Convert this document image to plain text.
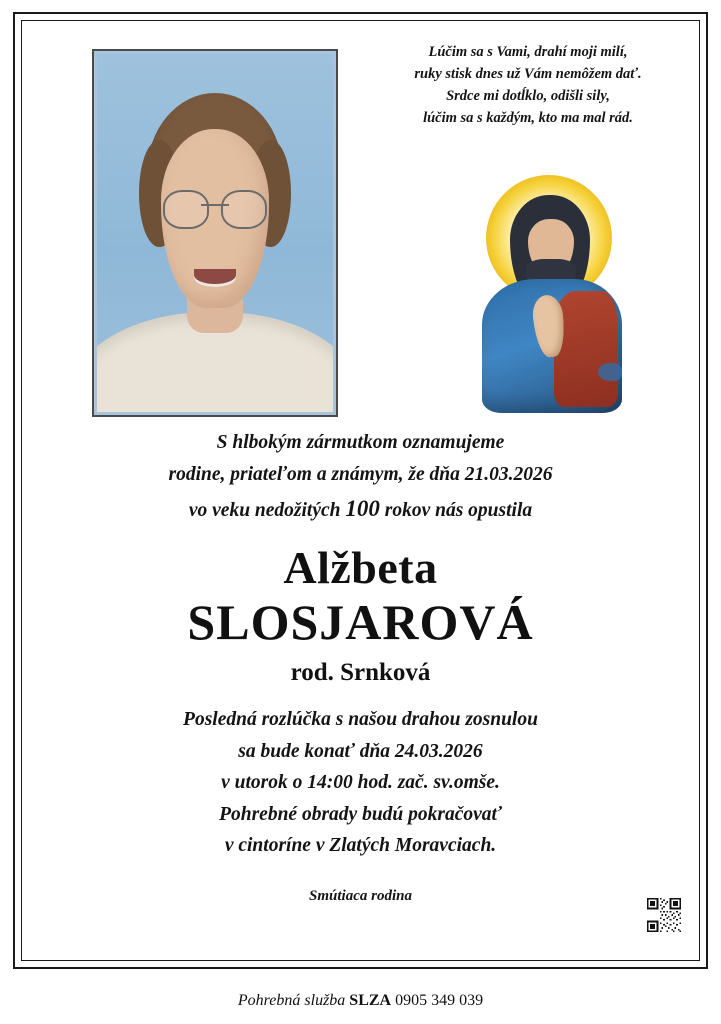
Lúčim sa s Vami, drahí moji milí,
ruky stisk dnes už Vám nemôžem dať.
Srdce mi dotĺklo, odišli sily,
lúčim sa s každým, kto ma mal rád.
S hlbokým zármutkom oznamujeme
rodine, priateľom a známym, že dňa 21.03.2026
vo veku nedožitých 100 rokov nás opustila
Alžbeta
SLOSJAROVÁ
rod. Srnková
Posledná rozlúčka s našou drahou zosnulou
sa bude konať dňa 24.03.2026
v utorok o 14:00 hod. zač. sv.omše.
Pohrebné obrady budú pokračovať
v cintoríne v Zlatých Moravciach.
Smútiaca rodina
Pohrebná služba SLZA 0905 349 039
